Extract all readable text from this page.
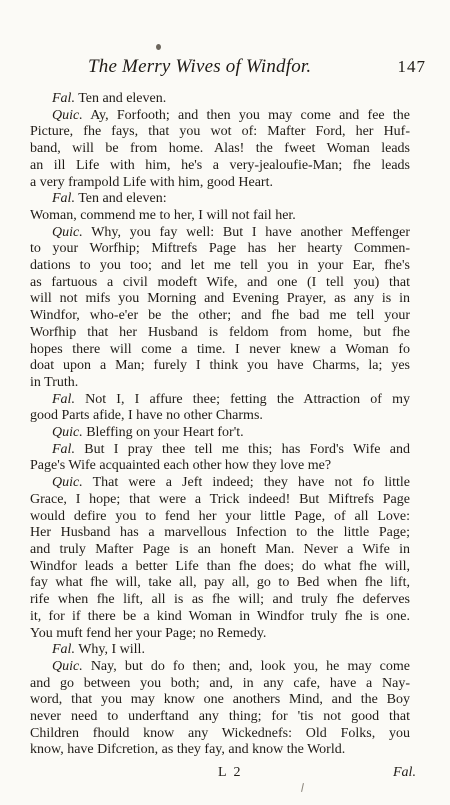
The Merry Wives of Windfor.	147
Fal. Ten and eleven.
Quic. Ay, Forfooth; and then you may come and fee the
Picture, fhe fays, that you wot of: Mafter Ford, her Huf-
band, will be from home. Alas! the fweet Woman leads
an ill Life with him, he's a very-jealoufie-Man; fhe leads
a very frampold Life with him, good Heart.
Fal. Ten and eleven:
Woman, commend me to her, I will not fail her.
Quic. Why, you fay well: But I have another Meffenger
to your Worfhip; Miftrefs Page has her hearty Commen-
dations to you too; and let me tell you in your Ear, fhe's
as fartuous a civil modeft Wife, and one (I tell you) that
will not mifs you Morning and Evening Prayer, as any is in
Windfor, who-e'er be the other; and fhe bad me tell your
Worfhip that her Husband is feldom from home, but fhe
hopes there will come a time. I never knew a Woman fo
doat upon a Man; furely I think you have Charms, la; yes
in Truth.
Fal. Not I, I affure thee; fetting the Attraction of my
good Parts afide, I have no other Charms.
Quic. Bleffing on your Heart for't.
Fal. But I pray thee tell me this; has Ford's Wife and
Page's Wife acquainted each other how they love me?
Quic. That were a Jeft indeed; they have not fo little
Grace, I hope; that were a Trick indeed! But Miftrefs Page
would defire you to fend her your little Page, of all Love:
Her Husband has a marvellous Infection to the little Page;
and truly Mafter Page is an honeft Man. Never a Wife in
Windfor leads a better Life than fhe does; do what fhe will,
fay what fhe will, take all, pay all, go to Bed when fhe lift,
rife when fhe lift, all is as fhe will; and truly fhe deferves
it, for if there be a kind Woman in Windfor truly fhe is one.
You muft fend her your Page; no Remedy.
Fal. Why, I will.
Quic. Nay, but do fo then; and, look you, he may come
and go between you both; and, in any cafe, have a Nay-
word, that you may know one anothers Mind, and the Boy
never need to underftand any thing; for 'tis not good that
Children fhould know any Wickednefs: Old Folks, you
know, have Difcretion, as they fay, and know the World.
L 2	Fal.
